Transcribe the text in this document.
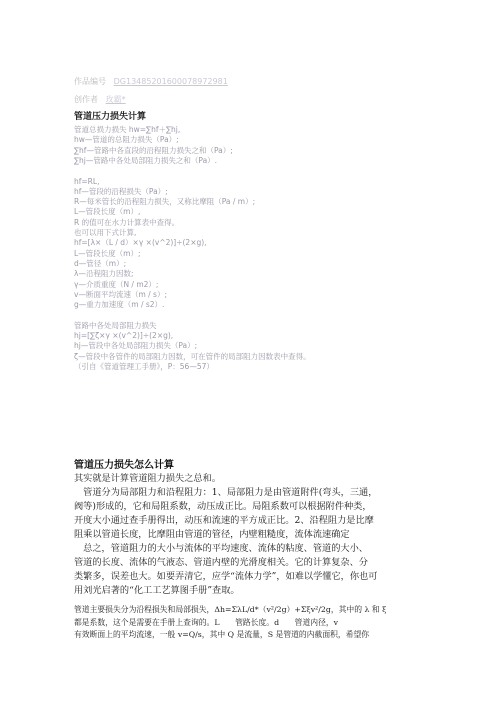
作品编号 DG13485201600078972981
创作者 玫霸*
管道压力损失计算
管道总损力损失 hw=∑hf＋∑hj,
hw—管道的总阻力损失（Pa）;
∑hf—管路中各直段的沿程阻力损失之和（Pa）;
∑hj—管路中各处局部阻力损失之和（Pa）.
hf=RL,
hf—管段的沿程损失（Pa）;
R—每米管长的沿程阻力损失，又称比摩阻（Pa / m）;
L—管段长度（m）,
R 的值可在水力计算表中查得。
也可以用下式计算,
hf=[λ×（L / d）×γ ×(v^2)]÷(2×g),
L—管段长度（m）;
d—管径（m）;
λ—沿程阻力因数;
γ—介质重度（N / m2）;
v—断面平均流速（m / s）;
g—重力加速度（m / s2）.
管路中各处局部阻力损失
hj=[∑ζ×γ ×(v^2)]÷(2×g),
hj—管段中各处局部阻力损失（Pa）;
ζ—管段中各管件的局部阻力因数，可在管件的局部阻力因数表中查得。
（引自《管道管理工手册》，P：56—57）
管道压力损失怎么计算
其实就是计算管道阻力损失之总和。
　管道分为局部阻力和沿程阻力：1、局部阻力是由管道附件(弯头，三通，
阀等)形成的，它和局阻系数，动压成正比。局阻系数可以根据附件种类，
开度大小通过查手册得出，动压和流速的平方成正比。2、沿程阻力是比摩
阻乘以管道长度，比摩阻由管道的管径，内壁粗糙度，流体流速确定
　总之，管道阻力的大小与流体的平均速度、流体的粘度、管道的大小、
管道的长度、流体的气液态、管道内壁的光滑度相关。它的计算复杂、分
类繁多，误差也大。如要弄清它，应学“流体力学”，如难以学懂它，你也可
用刘光启著的“化工工艺算图手册”查取。
管道主要损失分为沿程损失和局部损失，Δh=ΣλL/d*（v²/2g）+Σξv²/2g，其中的 λ 和 ξ
都是系数，这个是需要在手册上查询的。L　　管路长度。d　　管道内径，v
有效断面上的平均流速，一般 v=Q/s，其中 Q 是流量，S 是管道的内截面积，希望你
